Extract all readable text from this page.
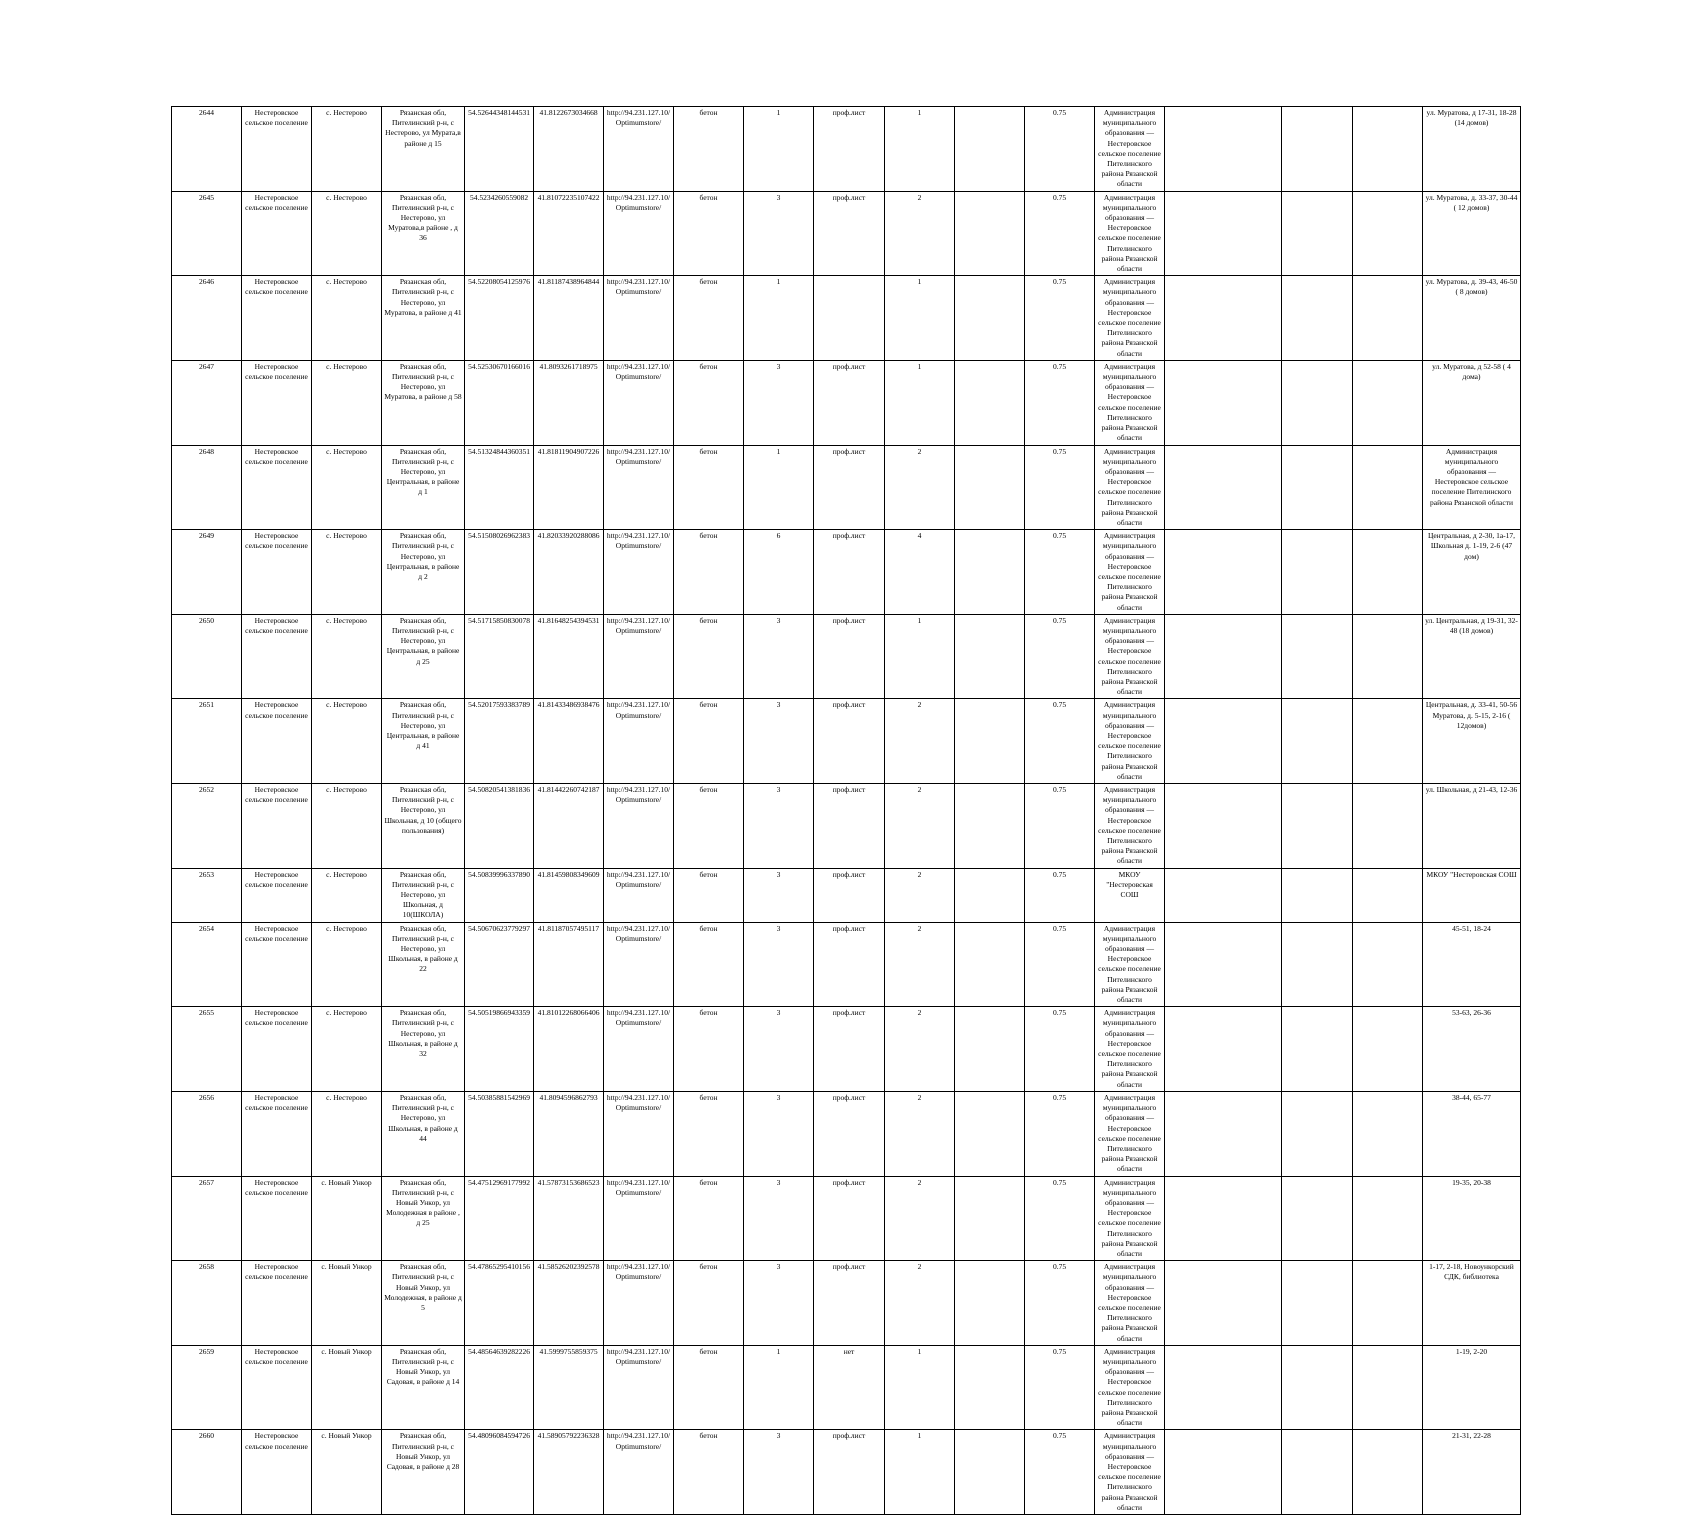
2644	Нестеровское сельское поселение	с. Нестерово	Рязанская обл, Пителинский р-н, с Нестерово, ул Мурата,в районе д 15	54.52644348144531	41.8122673034668	http://94.231.127.10/Optimumstore/	бетон	1	проф.лист	1		0.75	Администрация муниципального образования — Нестеровское сельское поселение Пителинского района Рязанской области				ул. Муратова, д 17-31, 18-28 (14 домов)
2645	Нестеровское сельское поселение	с. Нестерово	Рязанская обл, Пителинский р-н, с Нестерово, ул Муратова,в районе , д 36	54.5234260559082	41.81072235107422	http://94.231.127.10/Optimumstore/	бетон	3	проф.лист	2		0.75	Администрация муниципального образования — Нестеровское сельское поселение Пителинского района Рязанской области				ул. Муратова, д. 33-37, 30-44 ( 12 домов)
2646	Нестеровское сельское поселение	с. Нестерово	Рязанская обл, Пителинский р-н, с Нестерово, ул Муратова, в районе д 41	54.52208054125976	41.81187438964844	http://94.231.127.10/Optimumstore/	бетон	1		1		0.75	Администрация муниципального образования — Нестеровское сельское поселение Пителинского района Рязанской области				ул. Муратова, д. 39-43, 46-50 ( 8 домов)
2647	Нестеровское сельское поселение	с. Нестерово	Рязанская обл, Пителинский р-н, с Нестерово, ул Муратова, в районе д 58	54.52530670166016	41.8093261718975	http://94.231.127.10/Optimumstore/	бетон	3	проф.лист	1		0.75	Администрация муниципального образования — Нестеровское сельское поселение Пителинского района Рязанской области				ул. Муратова, д 52-58 ( 4 дома)
2648	Нестеровское сельское поселение	с. Нестерово	Рязанская обл, Пителинский р-н, с Нестерово, ул Центральная, в районе д 1	54.51324844360351	41.81811904907226	http://94.231.127.10/Optimumstore/	бетон	1	проф.лист	2		0.75	Администрация муниципального образования — Нестеровское сельское поселение Пителинского района Рязанской области				Администрация муниципального образования — Нестеровское сельское поселение Пителинского района Рязанской области
2649	Нестеровское сельское поселение	с. Нестерово	Рязанская обл, Пителинский р-н, с Нестерово, ул Центральная, в районе д 2	54.51508026962383	41.82033920288086	http://94.231.127.10/Optimumstore/	бетон	6	проф.лист	4		0.75	Администрация муниципального образования — Нестеровское сельское поселение Пителинского района Рязанской области				Центральная, д 2-30, 1а-17, Школьная д. 1-19, 2-6 (47 дом)
2650	Нестеровское сельское поселение	с. Нестерово	Рязанская обл, Пителинский р-н, с Нестерово, ул Центральная, в районе д 25	54.51715850830078	41.81648254394531	http://94.231.127.10/Optimumstore/	бетон	3	проф.лист	1		0.75	Администрация муниципального образования — Нестеровское сельское поселение Пителинского района Рязанской области				ул. Центральная, д 19-31, 32-48 (18 домов)
2651	Нестеровское сельское поселение	с. Нестерово	Рязанская обл, Пителинский р-н, с Нестерово, ул Центральная, в районе д 41	54.52017593383789	41.81433486938476	http://94.231.127.10/Optimumstore/	бетон	3	проф.лист	2		0.75	Администрация муниципального образования — Нестеровское сельское поселение Пителинского района Рязанской области				Центральная, д. 33-41, 50-56 Муратова, д. 5-15, 2-16 ( 12домов)
2652	Нестеровское сельское поселение	с. Нестерово	Рязанская обл, Пителинский р-н, с Нестерово, ул Школьная, д 10 (общего пользования)	54.50820541381836	41.81442260742187	http://94.231.127.10/Optimumstore/	бетон	3	проф.лист	2		0.75	Администрация муниципального образования — Нестеровское сельское поселение Пителинского района Рязанской области				ул. Школьная, д 21-43, 12-36
2653	Нестеровское сельское поселение	с. Нестерово	Рязанская обл, Пителинский р-н, с Нестерово, ул Школьная, д 10(ШКОЛА)	54.50839996337890	41.81459808349609	http://94.231.127.10/Optimumstore/	бетон	3	проф.лист	2		0.75	МКОУ "Нестеровская СОШ				МКОУ "Нестеровская СОШ
2654	Нестеровское сельское поселение	с. Нестерово	Рязанская обл, Пителинский р-н, с Нестерово, ул Школьная, в районе д 22	54.50670623779297	41.81187057495117	http://94.231.127.10/Optimumstore/	бетон	3	проф.лист	2		0.75	Администрация муниципального образования — Нестеровское сельское поселение Пителинского района Рязанской области				45-51, 18-24
2655	Нестеровское сельское поселение	с. Нестерово	Рязанская обл, Пителинский р-н, с Нестерово, ул Школьная, в районе д 32	54.50519866943359	41.81012268066406	http://94.231.127.10/Optimumstore/	бетон	3	проф.лист	2		0.75	Администрация муниципального образования — Нестеровское сельское поселение Пителинского района Рязанской области				53-63, 26-36
2656	Нестеровское сельское поселение	с. Нестерово	Рязанская обл, Пителинский р-н, с Нестерово, ул Школьная, в районе д 44	54.50385881542969	41.8094596862793	http://94.231.127.10/Optimumstore/	бетон	3	проф.лист	2		0.75	Администрация муниципального образования — Нестеровское сельское поселение Пителинского района Рязанской области				38-44, 65-77
2657	Нестеровское сельское поселение	с. Новый Ункор	Рязанская обл, Пителинский р-н, с Новый Ункор, ул Молодежная в районе , д 25	54.47512969177992	41.57873153686523	http://94.231.127.10/Optimumstore/	бетон	3	проф.лист	2		0.75	Администрация муниципального образования — Нестеровское сельское поселение Пителинского района Рязанской области				19-35, 20-38
2658	Нестеровское сельское поселение	с. Новый Ункор	Рязанская обл, Пителинский р-н, с Новый Ункор, ул Молодежная, в районе д 5	54.47865295410156	41.58526202392578	http://94.231.127.10/Optimumstore/	бетон	3	проф.лист	2		0.75	Администрация муниципального образования — Нестеровское сельское поселение Пителинского района Рязанской области				1-17, 2-18, Новоункорский СДК, библиотека
2659	Нестеровское сельское поселение	с. Новый Ункор	Рязанская обл, Пителинский р-н, с Новый Ункор, ул Садовая, в районе д 14	54.48564639282226	41.5999755859375	http://94.231.127.10/Optimumstore/	бетон	1	нет	1		0.75	Администрация муниципального образования — Нестеровское сельское поселение Пителинского района Рязанской области				1-19, 2-20
2660	Нестеровское сельское поселение	с. Новый Ункор	Рязанская обл, Пителинский р-н, с Новый Ункор, ул Садовая, в районе д 28	54.48096084594726	41.58905792236328	http://94.231.127.10/Optimumstore/	бетон	3	проф.лист	1		0.75	Администрация муниципального образования — Нестеровское сельское поселение Пителинского района Рязанской области				21-31, 22-28
